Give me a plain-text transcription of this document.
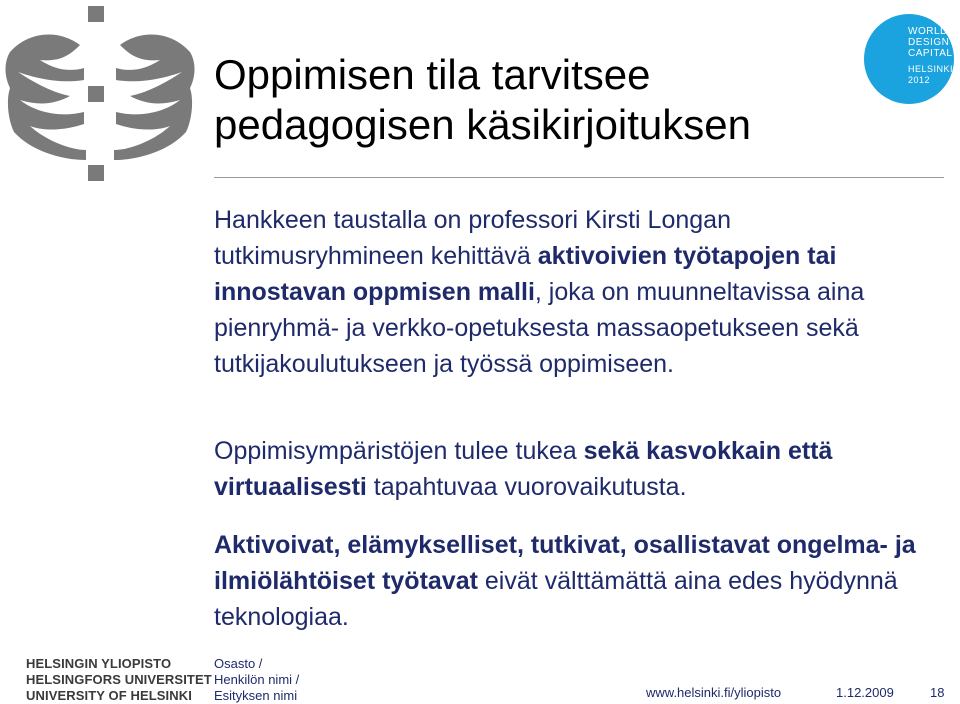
WORLD
DESIGN
CAPITAL
HELSINKI
2012
Oppimisen tila tarvitsee
pedagogisen käsikirjoituksen

Hankkeen taustalla on professori Kirsti Longan tutkimusryhmineen kehittävä aktivoivien työtapojen tai innostavan oppmisen malli, joka on muunneltavissa aina pienryhmä- ja verkko-opetuksesta massaopetukseen sekä tutkijakoulutukseen ja työssä oppimiseen.

Oppimisympäristöjen tulee tukea sekä kasvokkain että virtuaalisesti tapahtuvaa vuorovaikutusta.

Aktivoivat, elämykselliset, tutkivat, osallistavat ongelma- ja ilmiölähtöiset työtavat eivät välttämättä aina edes hyödynnä teknologiaa.

HELSINGIN YLIOPISTO
HELSINGFORS UNIVERSITET
UNIVERSITY OF HELSINKI
Osasto /
Henkilön nimi /
Esityksen nimi	www.helsinki.fi/yliopisto	1.12.2009	18
